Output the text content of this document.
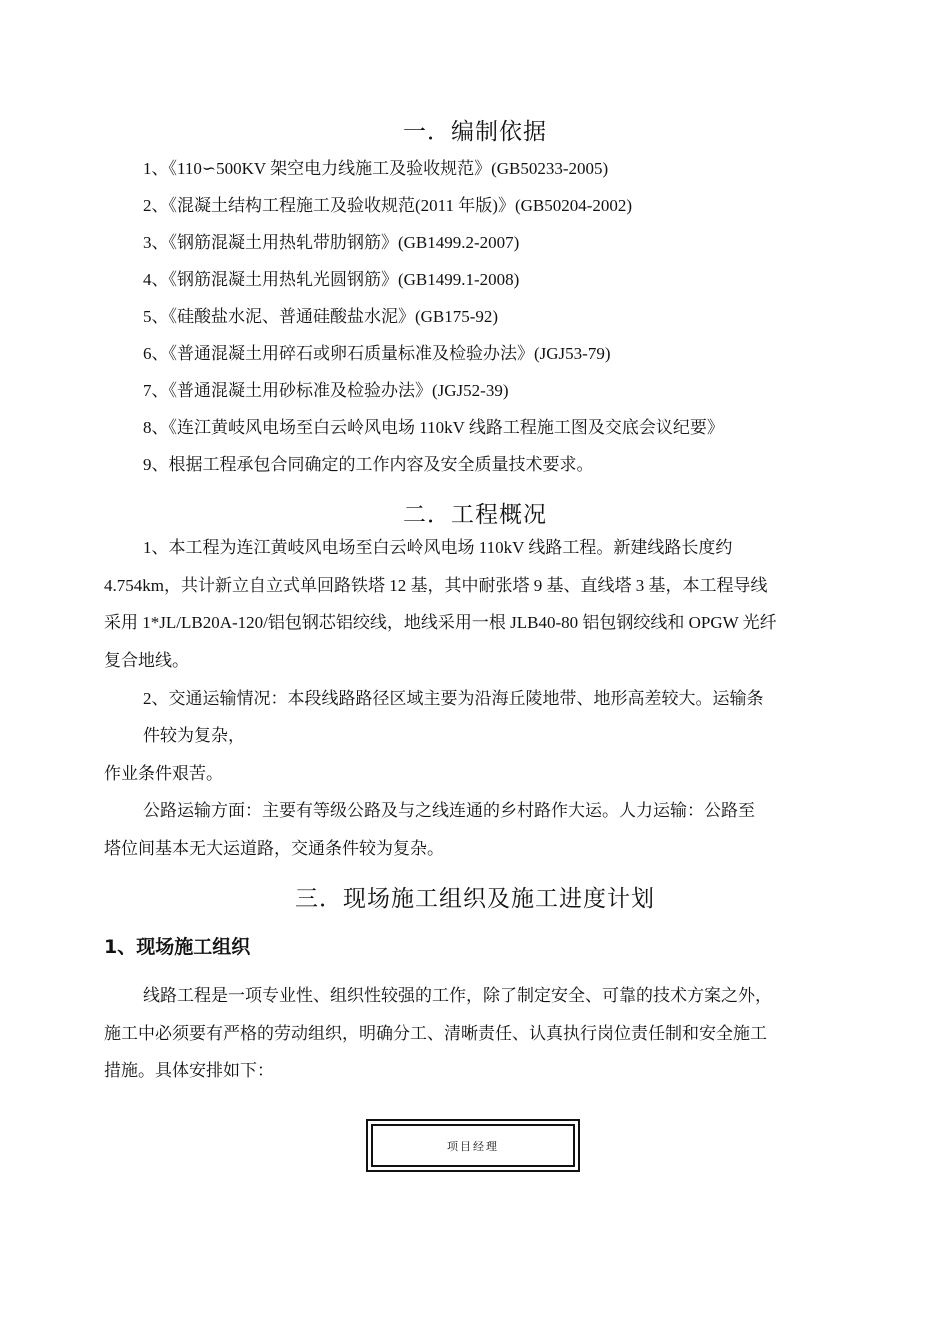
一．编制依据
1、《110∽500KV 架空电力线施工及验收规范》(GB50233-2005)
2、《混凝土结构工程施工及验收规范(2011 年版)》(GB50204-2002)
3、《钢筋混凝土用热轧带肋钢筋》(GB1499.2-2007)
4、《钢筋混凝土用热轧光圆钢筋》(GB1499.1-2008)
5、《硅酸盐水泥、普通硅酸盐水泥》(GB175-92)
6、《普通混凝土用碎石或卵石质量标准及检验办法》(JGJ53-79)
7、《普通混凝土用砂标准及检验办法》(JGJ52-39)
8、《连江黄岐风电场至白云岭风电场 110kV 线路工程施工图及交底会议纪要》
9、根据工程承包合同确定的工作内容及安全质量技术要求。
二．工程概况
1、本工程为连江黄岐风电场至白云岭风电场 110kV 线路工程。新建线路长度约
4.754km，共计新立自立式单回路铁塔 12 基，其中耐张塔 9 基、直线塔 3 基，本工程导线
采用 1*JL/LB20A-120/铝包钢芯铝绞线，地线采用一根 JLB40-80 铝包钢绞线和 OPGW 光纤
复合地线。
2、交通运输情况：本段线路路径区域主要为沿海丘陵地带、地形高差较大。运输条
件较为复杂，
作业条件艰苦。
公路运输方面：主要有等级公路及与之线连通的乡村路作大运。人力运输：公路至
塔位间基本无大运道路，交通条件较为复杂。
三．现场施工组织及施工进度计划
1、现场施工组织
线路工程是一项专业性、组织性较强的工作，除了制定安全、可靠的技术方案之外，
施工中必须要有严格的劳动组织，明确分工、清晰责任、认真执行岗位责任制和安全施工
措施。具体安排如下：
项目经理
